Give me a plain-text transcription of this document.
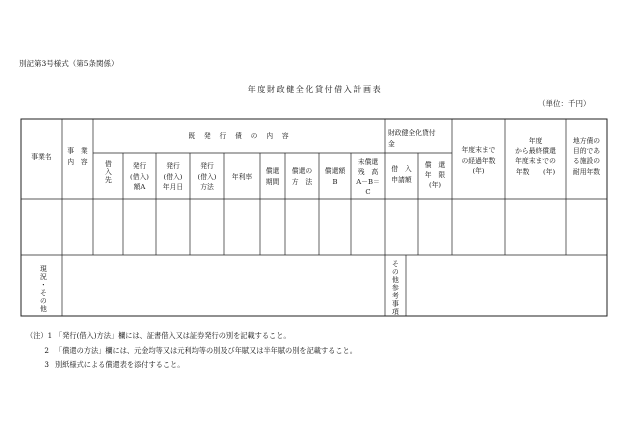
別記第3号様式（第5条関係）
年度財政健全化貸付借入計画表
（単位：千円）
事業名
事　業
内　容
既　発　行　債　の　内　容
借入先	発行
(借入)
額A
発行
(借入)
年月日
発行
(借入)
方法
年利率
償還
期間
償還の
方　法
償還額
B
未償還
残　高
A－B＝
C
財政健全化貸付
金
借　入
申請額
償　還
年　限
(年)
年度末まで
の経過年数
(年)
年度
から最終償還
年度末までの
年数　　(年)
地方債の
目的であ
る施設の
耐用年数
現況・その他	その他参考事項
（注）1 「発行(借入)方法」欄には、証書借入又は証券発行の別を記載すること。
2 「償還の方法」欄には、元金均等又は元利均等の別及び年賦又は半年賦の別を記載すること。
3 別紙様式による償還表を添付すること。
